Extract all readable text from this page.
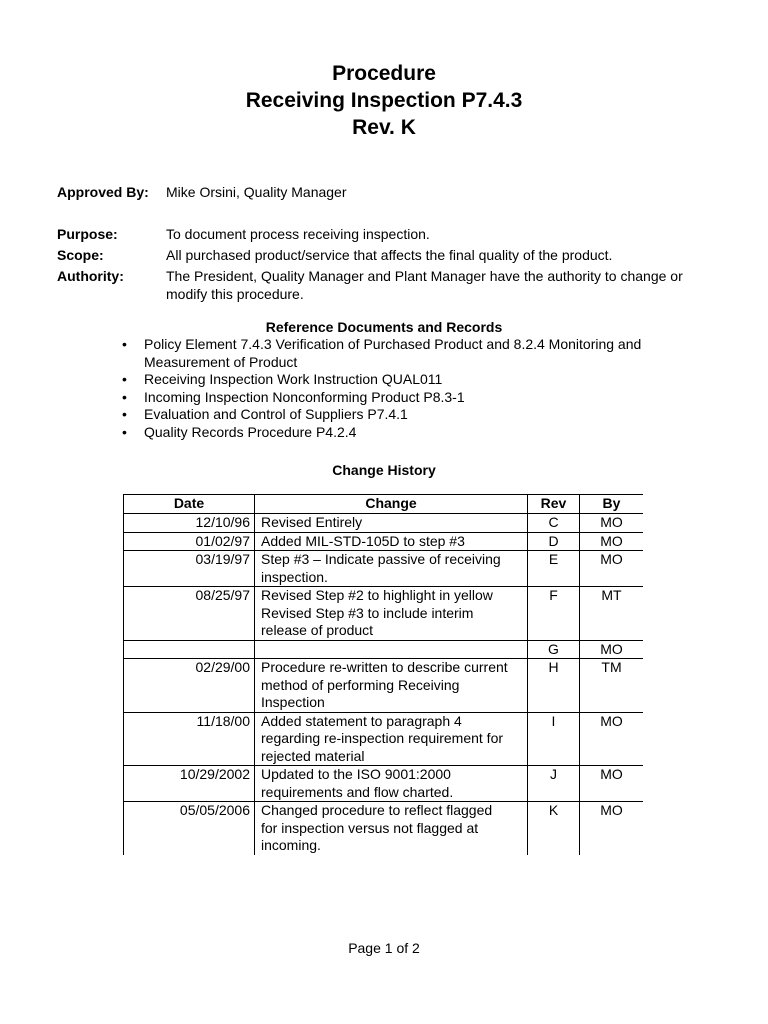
Procedure
Receiving Inspection P7.4.3
Rev. K
Approved By: Mike Orsini, Quality Manager
Purpose:	To document process receiving inspection.
Scope:	All purchased product/service that affects the final quality of the product.
Authority:	The President, Quality Manager and Plant Manager have the authority to change or
modify this procedure.
Reference Documents and Records
• Policy Element 7.4.3 Verification of Purchased Product and 8.2.4 Monitoring and
Measurement of Product
• Receiving Inspection Work Instruction QUAL011
• Incoming Inspection Nonconforming Product P8.3-1
• Evaluation and Control of Suppliers P7.4.1
• Quality Records Procedure P4.2.4
Change History
Date	Change	Rev	By
12/10/96	Revised Entirely	C	MO
01/02/97	Added MIL-STD-105D to step #3	D	MO
03/19/97	Step #3 – Indicate passive of receiving
inspection.	E	MO
08/25/97	Revised Step #2 to highlight in yellow
Revised Step #3 to include interim
release of product	F	MT
		G	MO
02/29/00	Procedure re-written to describe current
method of performing Receiving
Inspection	H	TM
11/18/00	Added statement to paragraph 4
regarding re-inspection requirement for
rejected material	I	MO
10/29/2002	Updated to the ISO 9001:2000
requirements and flow charted.	J	MO
05/05/2006	Changed procedure to reflect flagged
for inspection versus not flagged at
incoming.	K	MO
Page 1 of 2
